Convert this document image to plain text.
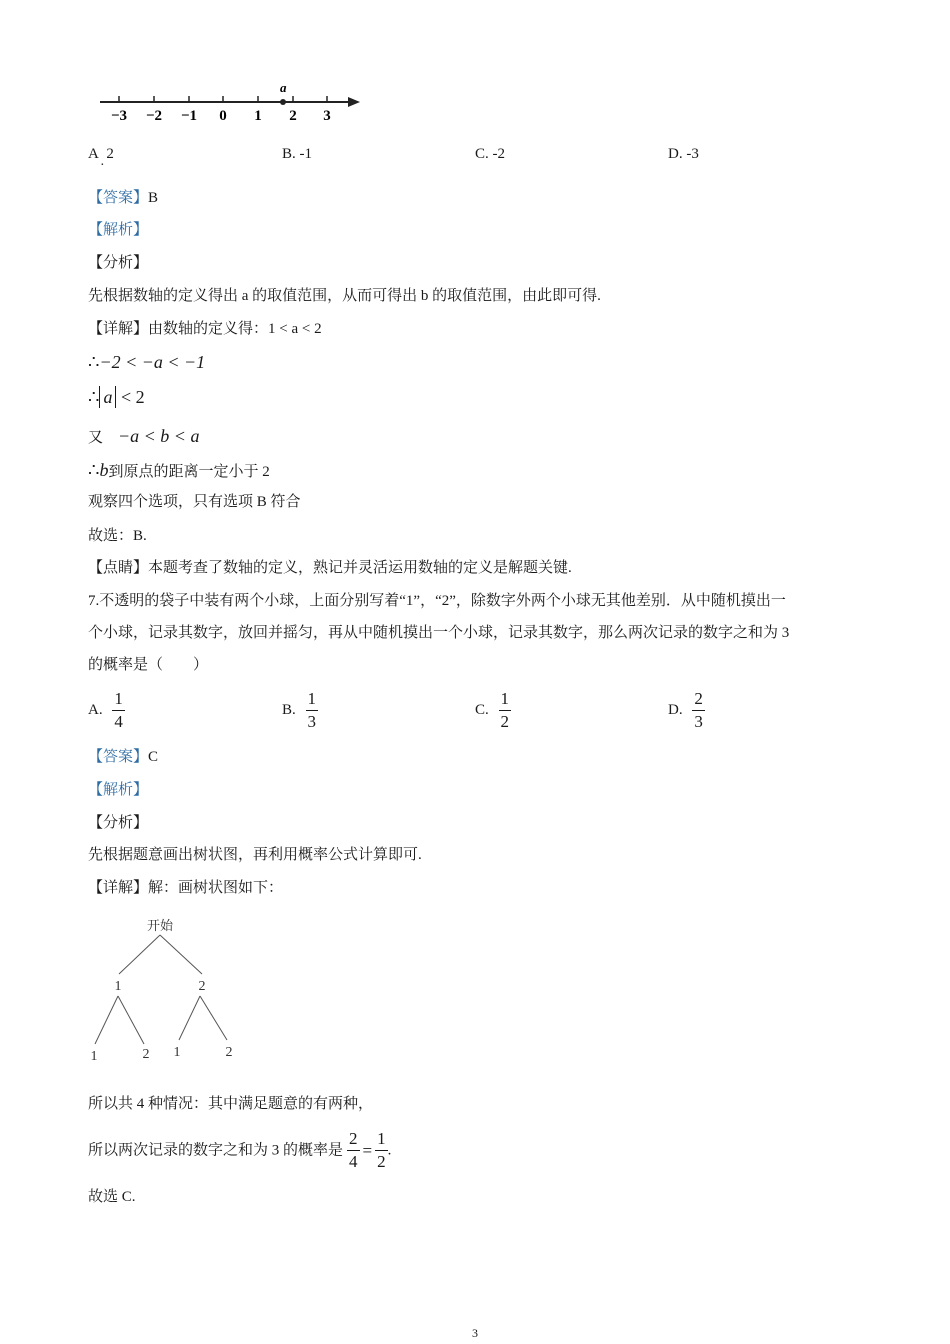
a
−3 −2 −1 0 1 2 3
A 2
·
B. -1	C. -2	D. -3
【答案】B
【解析】
【分析】
先根据数轴的定义得出 a 的取值范围，从而可得出 b 的取值范围，由此即可得.
【详解】由数轴的定义得：1 < a < 2
∴−2 < −a < −1
∴ a < 2
又 −a < b < a
∴b到原点的距离一定小于 2
观察四个选项，只有选项 B 符合
故选：B.
【点睛】本题考查了数轴的定义，熟记并灵活运用数轴的定义是解题关键.
7.不透明的袋子中装有两个小球，上面分别写着“1”，“2”，除数字外两个小球无其他差别．从中随机摸出一
个小球，记录其数字，放回并摇匀，再从中随机摸出一个小球，记录其数字，那么两次记录的数字之和为 3
的概率是（　　）
A. $\frac{1}{4}$	B. $\frac{1}{3}$	C. $\frac{1}{2}$	D. $\frac{2}{3}$
【答案】C
【解析】
【分析】
先根据题意画出树状图，再利用概率公式计算即可.
【详解】解：画树状图如下：
开始
1	2
1	2 1	2
所以共 4 种情况：其中满足题意的有两种，
所以两次记录的数字之和为 3 的概率是 $\frac{2}{4} = \frac{1}{2}$ .
故选 C.
3
